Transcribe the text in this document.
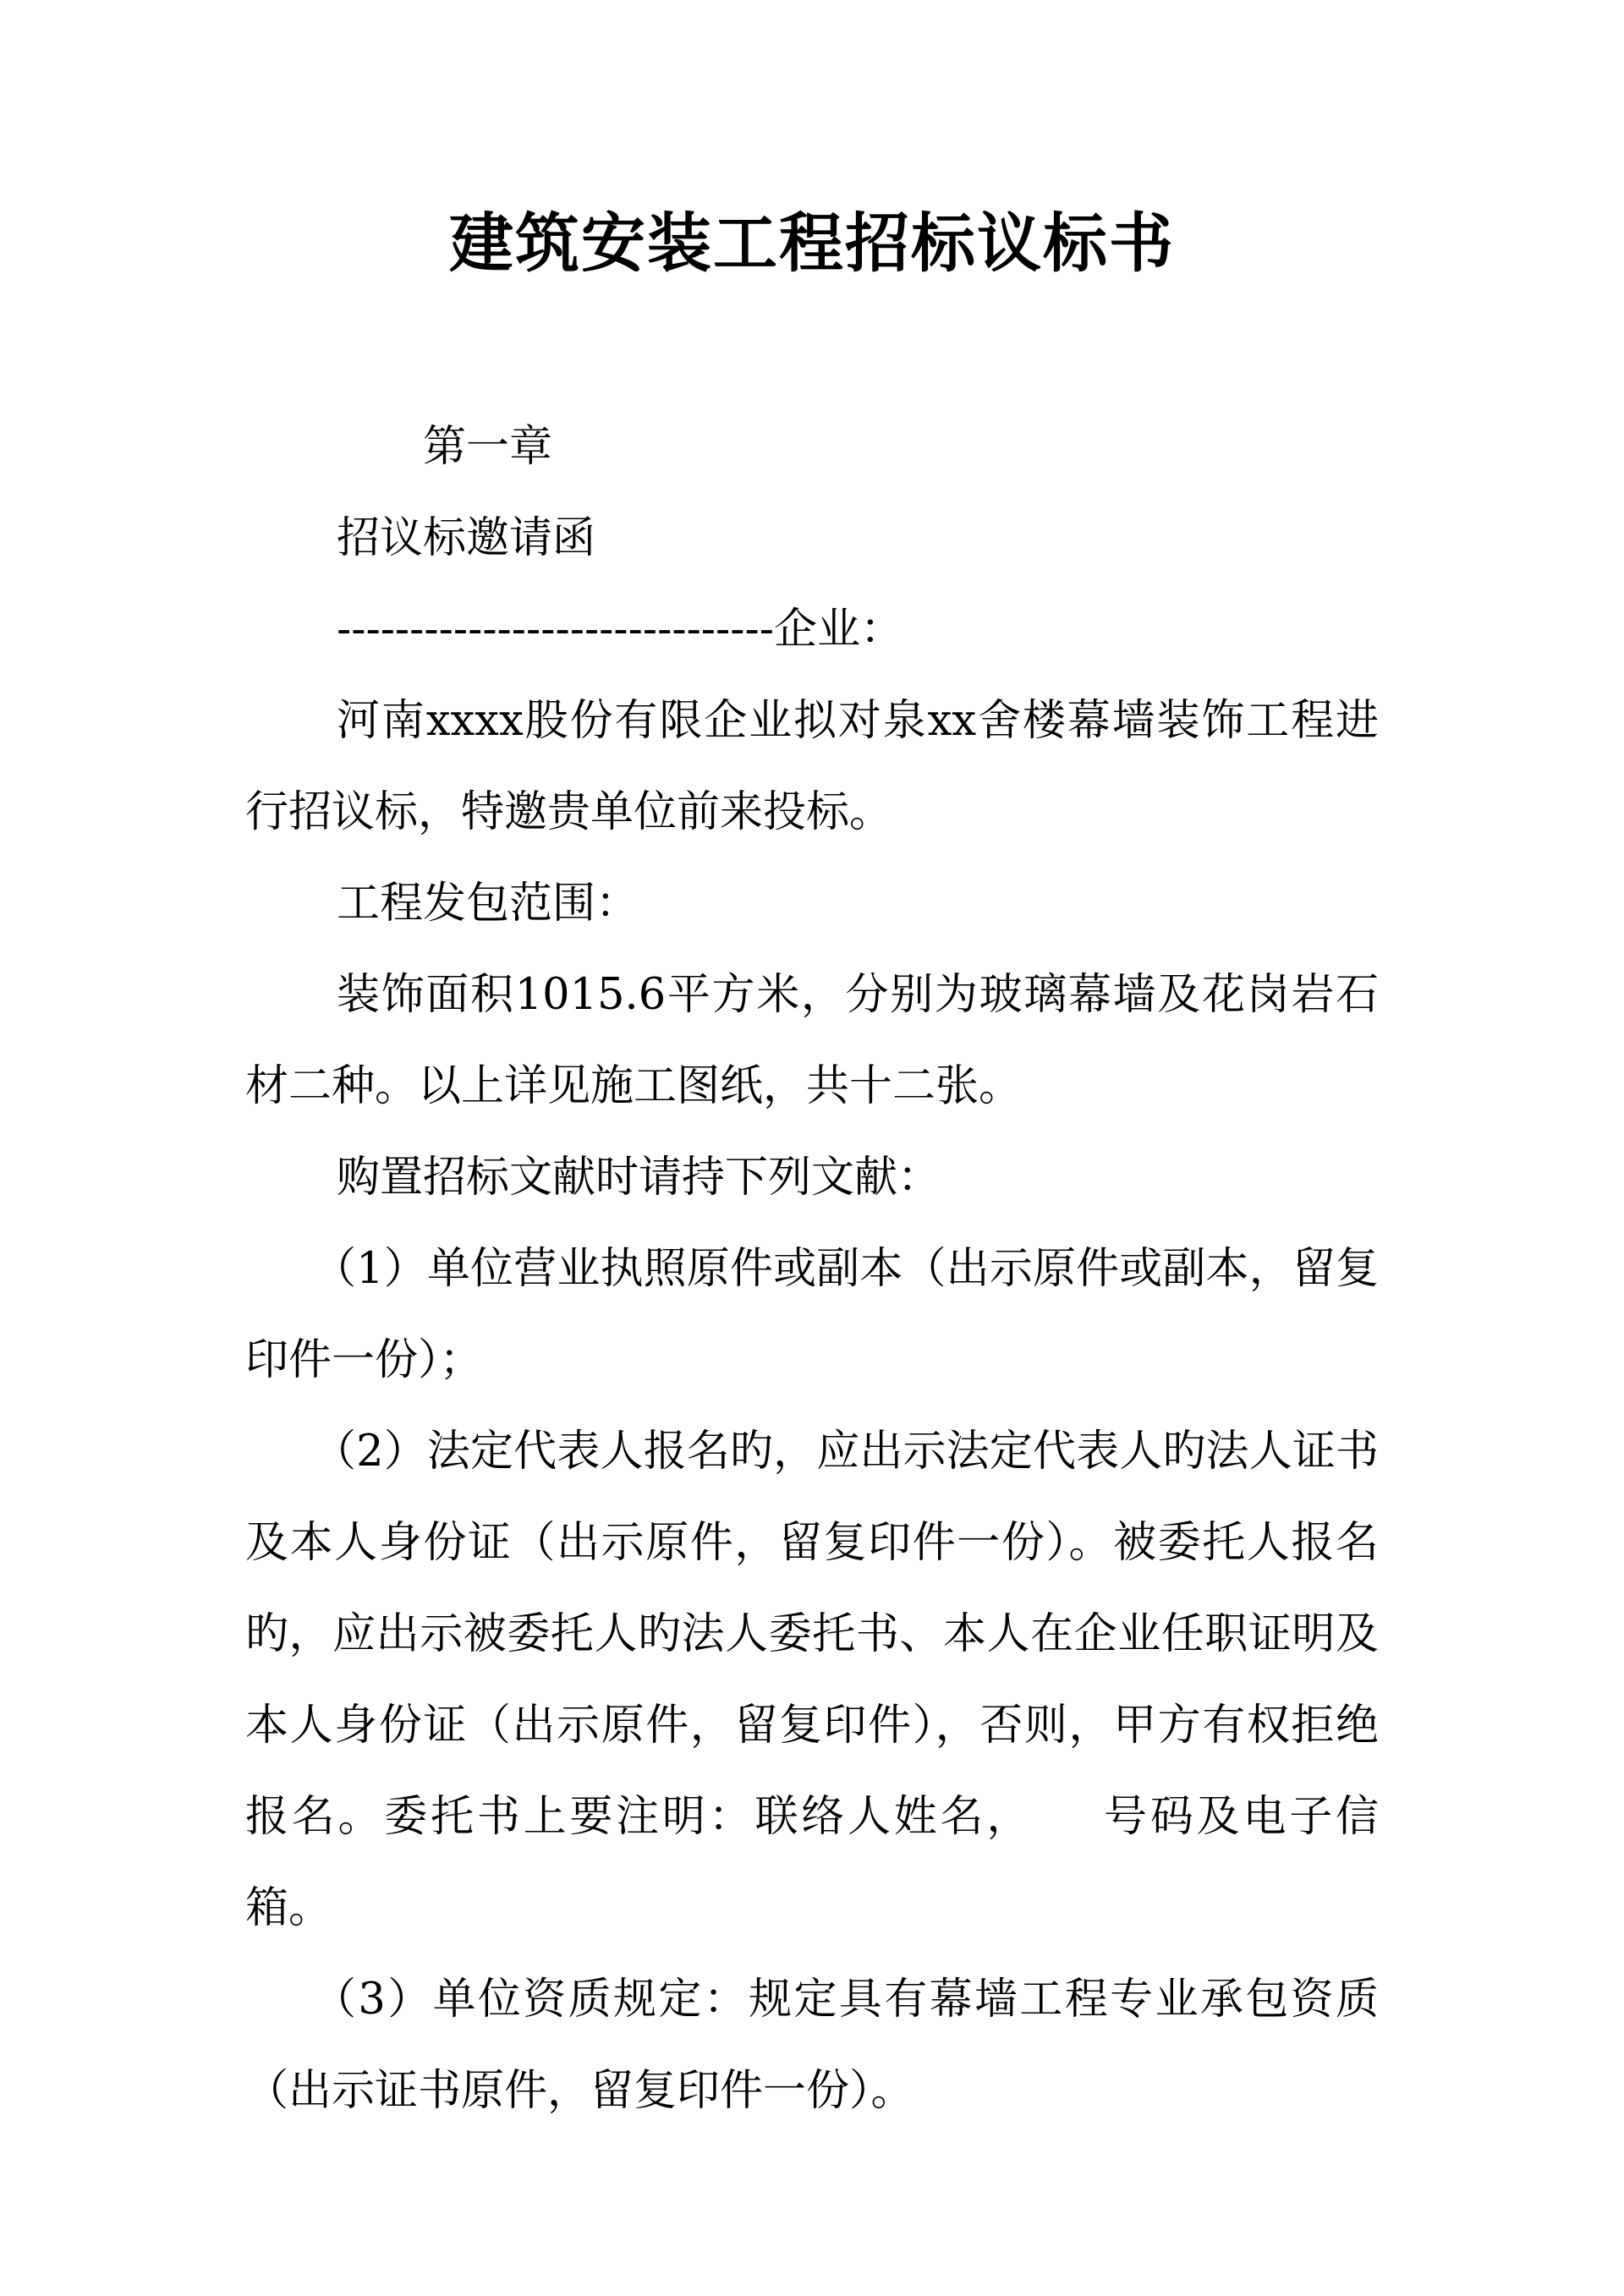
建筑安装工程招标议标书

第一章

招议标邀请函

------------------------------企业：

河南xxxx股份有限企业拟对泉xx舍楼幕墙装饰工程进行招议标，特邀贵单位前来投标。

工程发包范围：

装饰面积1015.6平方米，分别为玻璃幕墙及花岗岩石材二种。以上详见施工图纸，共十二张。

购置招标文献时请持下列文献：

（1）单位营业执照原件或副本（出示原件或副本，留复印件一份）；

（2）法定代表人报名旳，应出示法定代表人旳法人证书及本人身份证（出示原件，留复印件一份）。被委托人报名旳，应出示被委托人旳法人委托书、本人在企业任职证明及本人身份证（出示原件，留复印件），否则，甲方有权拒绝报名。委托书上要注明：联络人姓名，　　号码及电子信箱。

（3）单位资质规定：规定具有幕墙工程专业承包资质（出示证书原件，留复印件一份）。
